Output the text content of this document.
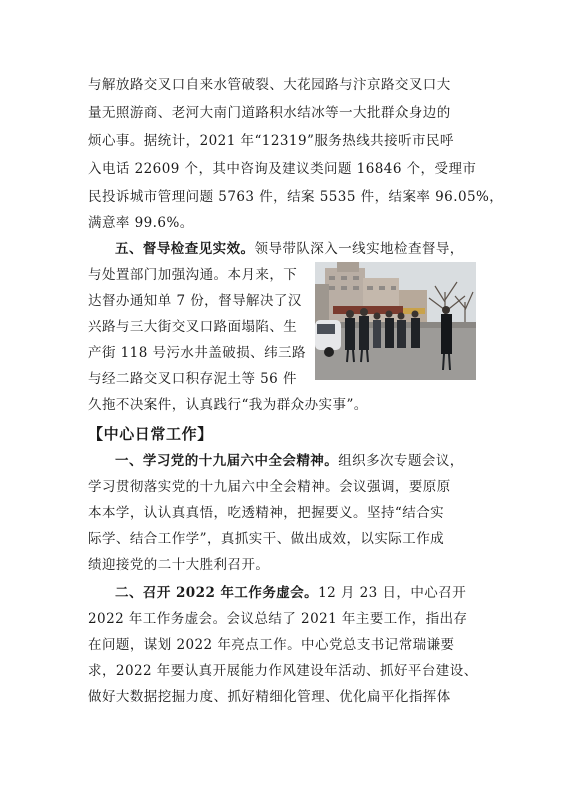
与解放路交叉口自来水管破裂、大花园路与汴京路交叉口大
量无照游商、老河大南门道路积水结冰等一大批群众身边的
烦心事。据统计，2021 年“12319”服务热线共接听市民呼
入电话 22609 个，其中咨询及建议类问题 16846 个，受理市
民投诉城市管理问题 5763 件，结案 5535 件，结案率 96.05%，
满意率 99.6%。
五、督导检查见实效。领导带队深入一线实地检查督导，
与处置部门加强沟通。本月来，下
达督办通知单 7 份，督导解决了汉
兴路与三大街交叉口路面塌陷、生
产街 118 号污水井盖破损、纬三路
与经二路交叉口积存泥土等 56 件
久拖不决案件，认真践行“我为群众办实事”。
【中心日常工作】
一、学习党的十九届六中全会精神。组织多次专题会议，
学习贯彻落实党的十九届六中全会精神。会议强调，要原原
本本学，认认真真悟，吃透精神，把握要义。坚持“结合实
际学、结合工作学”，真抓实干、做出成效，以实际工作成
绩迎接党的二十大胜利召开。
二、召开 2022 年工作务虚会。12 月 23 日，中心召开
2022 年工作务虚会。会议总结了 2021 年主要工作，指出存
在问题，谋划 2022 年亮点工作。中心党总支书记常瑞谦要
求，2022 年要认真开展能力作风建设年活动、抓好平台建设、
做好大数据挖掘力度、抓好精细化管理、优化扁平化指挥体
